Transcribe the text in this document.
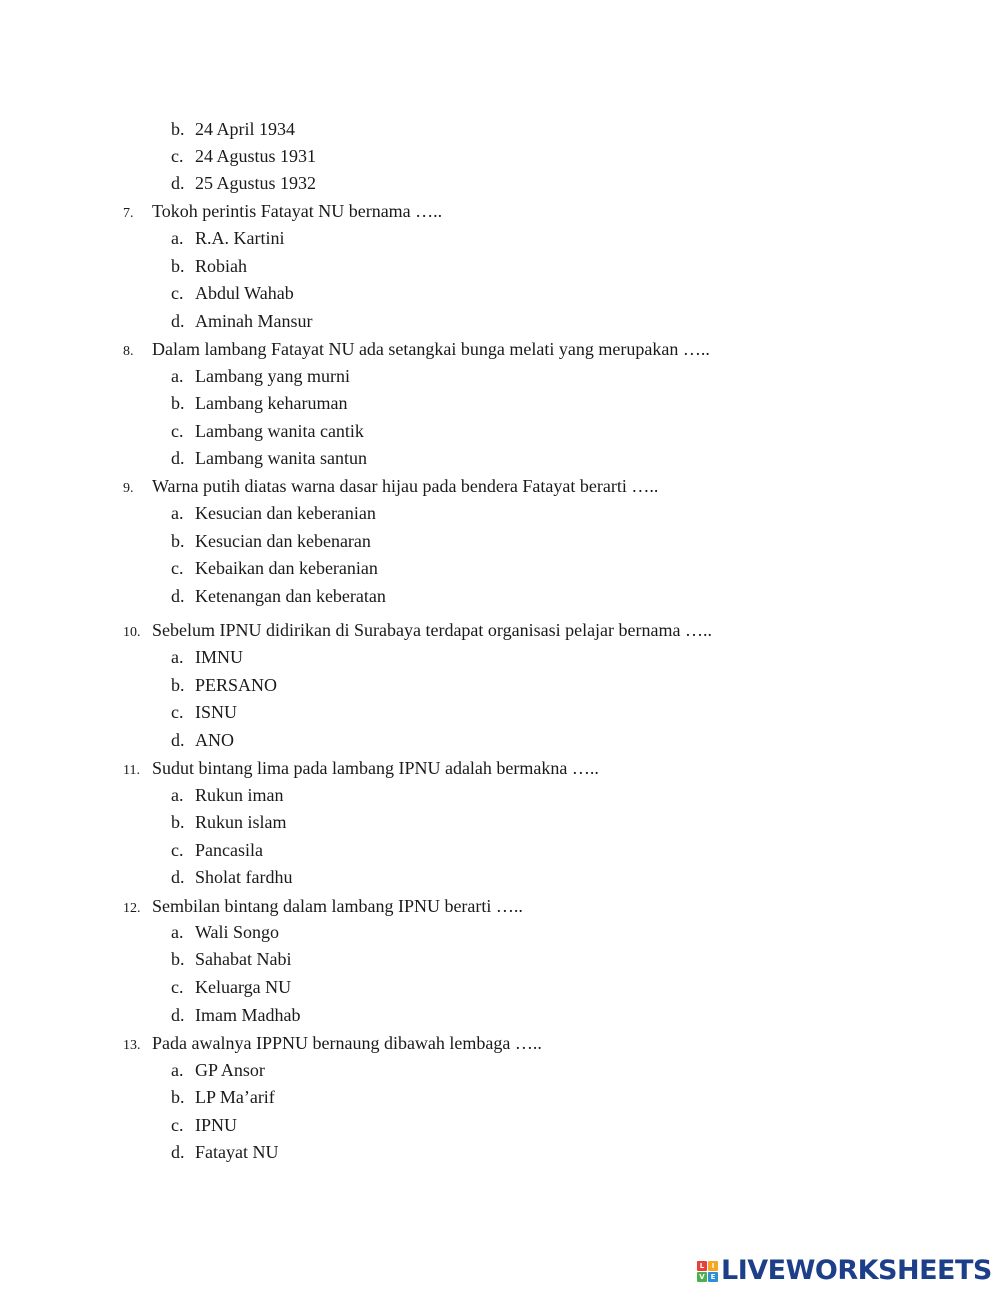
b. 24 April 1934
c. 24 Agustus 1931
d. 25 Agustus 1932
7. Tokoh perintis Fatayat NU bernama …..
a. R.A. Kartini
b. Robiah
c. Abdul Wahab
d. Aminah Mansur
8. Dalam lambang Fatayat NU ada setangkai bunga melati yang merupakan …..
a. Lambang yang murni
b. Lambang keharuman
c. Lambang wanita cantik
d. Lambang wanita santun
9. Warna putih diatas warna dasar hijau pada bendera Fatayat berarti …..
a. Kesucian dan keberanian
b. Kesucian dan kebenaran
c. Kebaikan dan keberanian
d. Ketenangan dan keberatan
10. Sebelum IPNU didirikan di Surabaya terdapat organisasi pelajar bernama …..
a. IMNU
b. PERSANO
c. ISNU
d. ANO
11. Sudut bintang lima pada lambang IPNU adalah bermakna …..
a. Rukun iman
b. Rukun islam
c. Pancasila
d. Sholat fardhu
12. Sembilan bintang dalam lambang IPNU berarti …..
a. Wali Songo
b. Sahabat Nabi
c. Keluarga NU
d. Imam Madhab
13. Pada awalnya IPPNU bernaung dibawah lembaga …..
a. GP Ansor
b. LP Ma’arif
c. IPNU
d. Fatayat NU
L	I
V E LIVEWORKSHEETS
